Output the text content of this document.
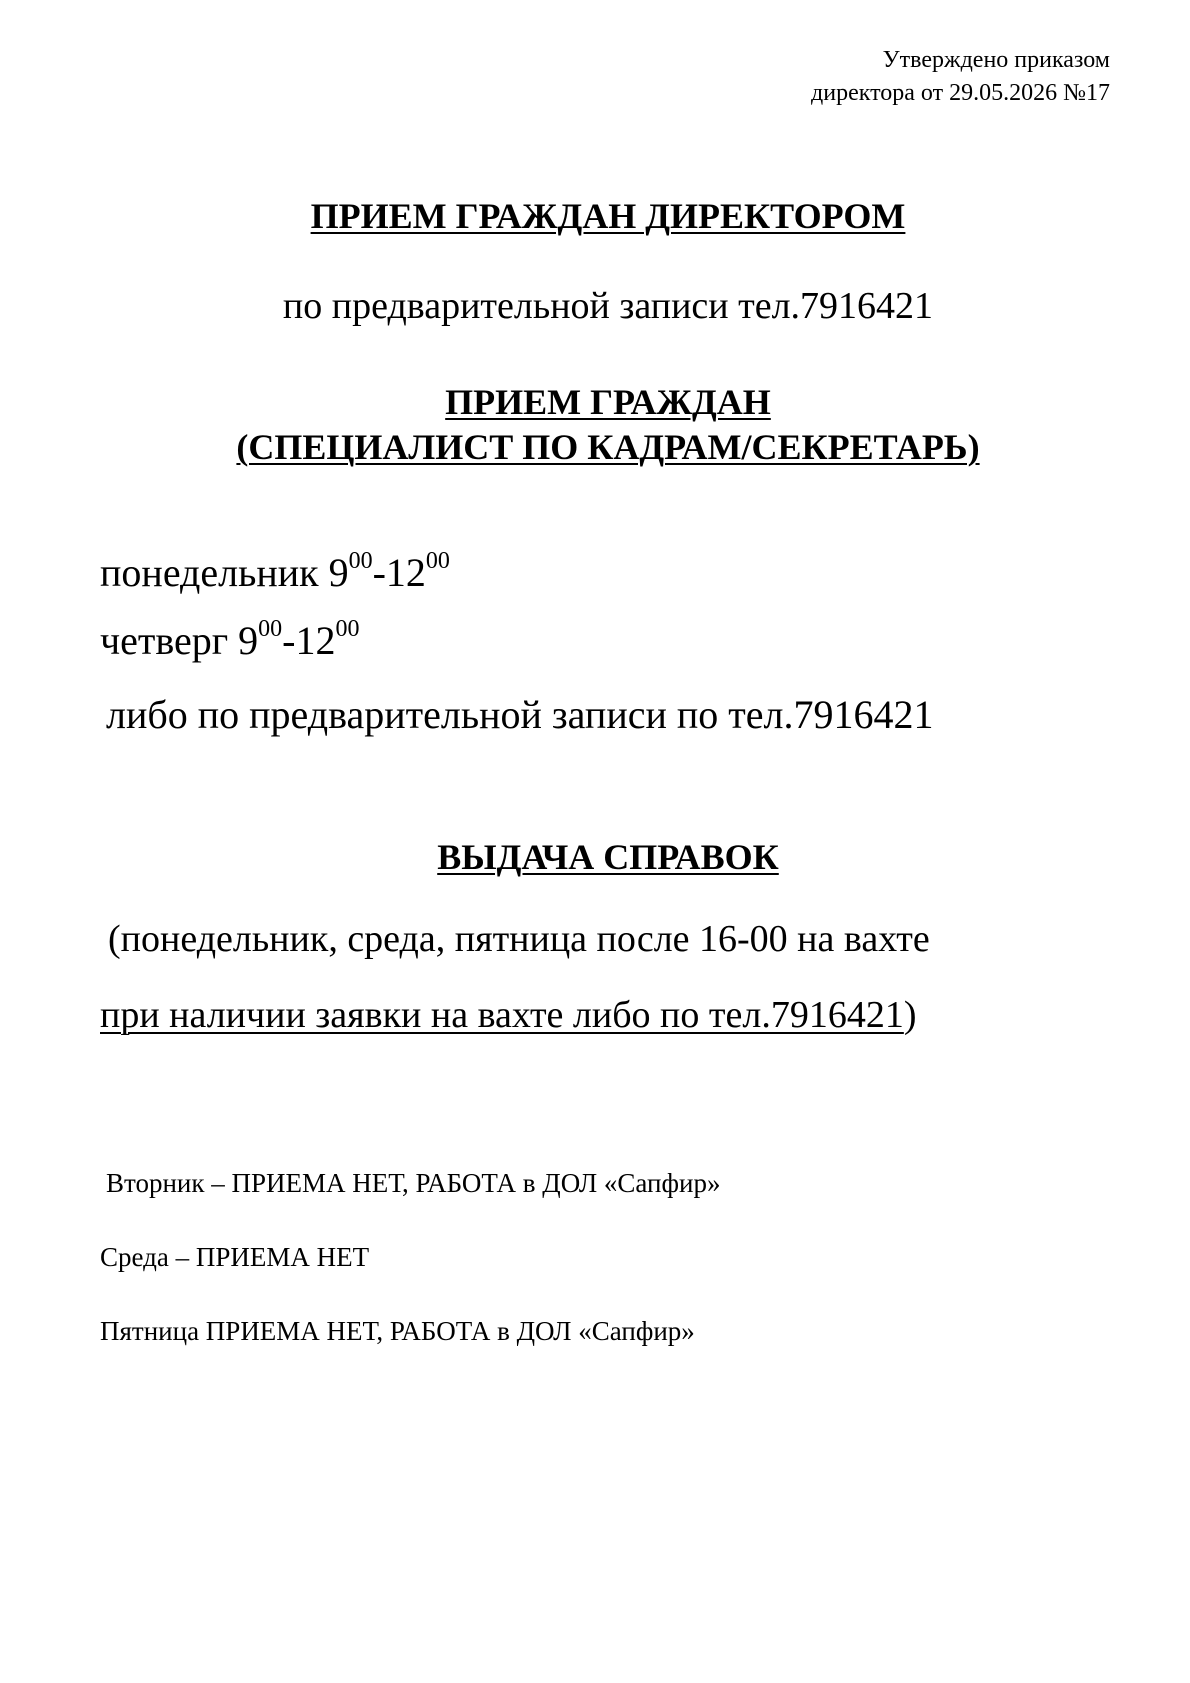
Утверждено приказом
директора от 29.05.2026 №17
ПРИЕМ ГРАЖДАН ДИРЕКТОРОМ
по предварительной записи тел.7916421
ПРИЕМ ГРАЖДАН
(СПЕЦИАЛИСТ ПО КАДРАМ/СЕКРЕТАРЬ)
понедельник $9^{00}-12^{00}$
четверг $9^{00}-12^{00}$
либо по предварительной записи по тел.7916421
ВЫДАЧА СПРАВОК
(понедельник, среда, пятница после 16-00 на вахте
при наличии заявки на вахте либо по тел.7916421)
Вторник – ПРИЕМА НЕТ, РАБОТА в ДОЛ «Сапфир»
Среда – ПРИЕМА НЕТ
Пятница ПРИЕМА НЕТ, РАБОТА в ДОЛ «Сапфир»
